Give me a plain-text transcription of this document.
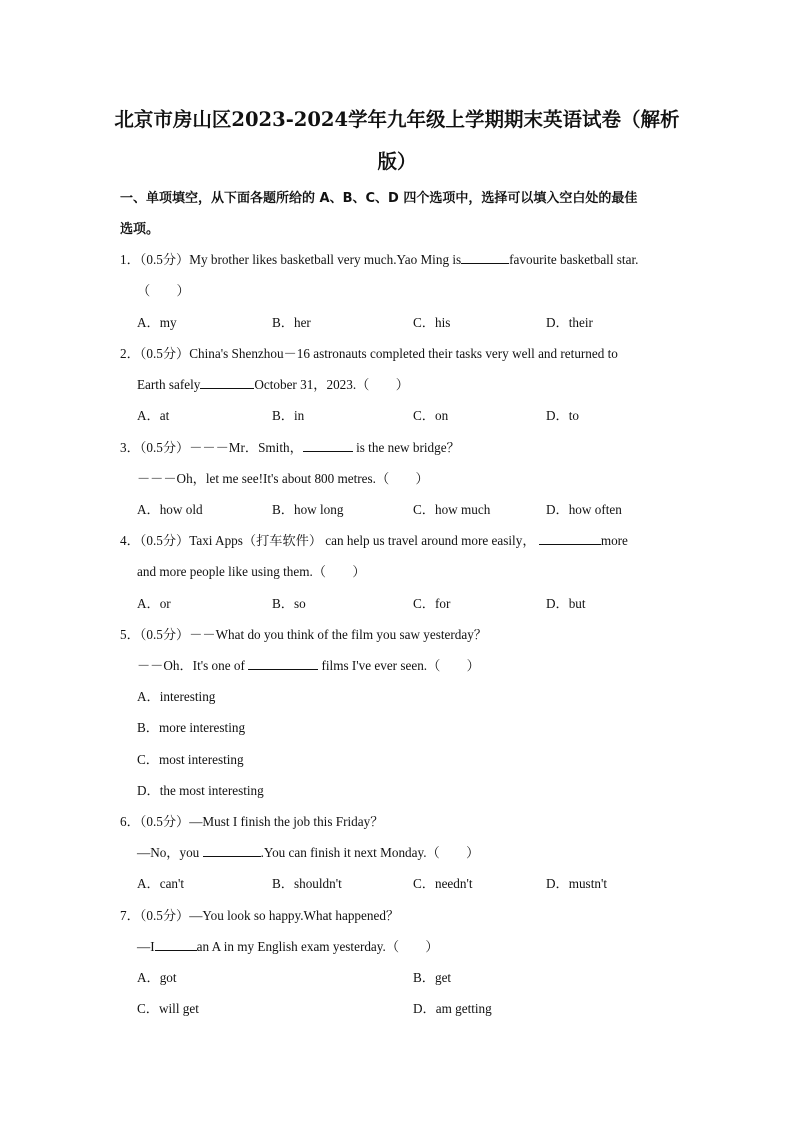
北京市房山区2023-2024学年九年级上学期期末英语试卷（解析
版）
一、单项填空，从下面各题所给的 A、B、C、D 四个选项中，选择可以填入空白处的最佳
选项。
1．（0.5分）My brother likes basketball very much.Yao Ming is	favourite basketball star.
（　　）
A．my	B．her	C．his	D．their
2．（0.5分）China's Shenzhou－16 astronauts completed their tasks very well and returned to
Earth safely	October 31，2023.（　　）
A．at	B．in	C．on	D．to
3．（0.5分）－－－Mr．Smith，	is the new bridge？
－－－Oh，let me see!It's about 800 metres.（　　）
A．how old	B．how long	C．how much	D．how often
4．（0.5分）Taxi Apps（打车软件） can help us travel around more easily，	more
and more people like using them.（　　）
A．or	B．so	C．for	D．but
5．（0.5分）－－What do you think of the film you saw yesterday？
－－Oh．It's one of	films I've ever seen.（　　）
A．interesting
B．more interesting
C．most interesting
D．the most interesting
6．（0.5分）—Must I finish the job this Friday？
—No，you	.You can finish it next Monday.（　　）
A．can't	B．shouldn't	C．needn't	D．mustn't
7．（0.5分）—You look so happy.What happened？
—I	an A in my English exam yesterday.（　　）
A．got	B．get
C．will get	D．am getting
